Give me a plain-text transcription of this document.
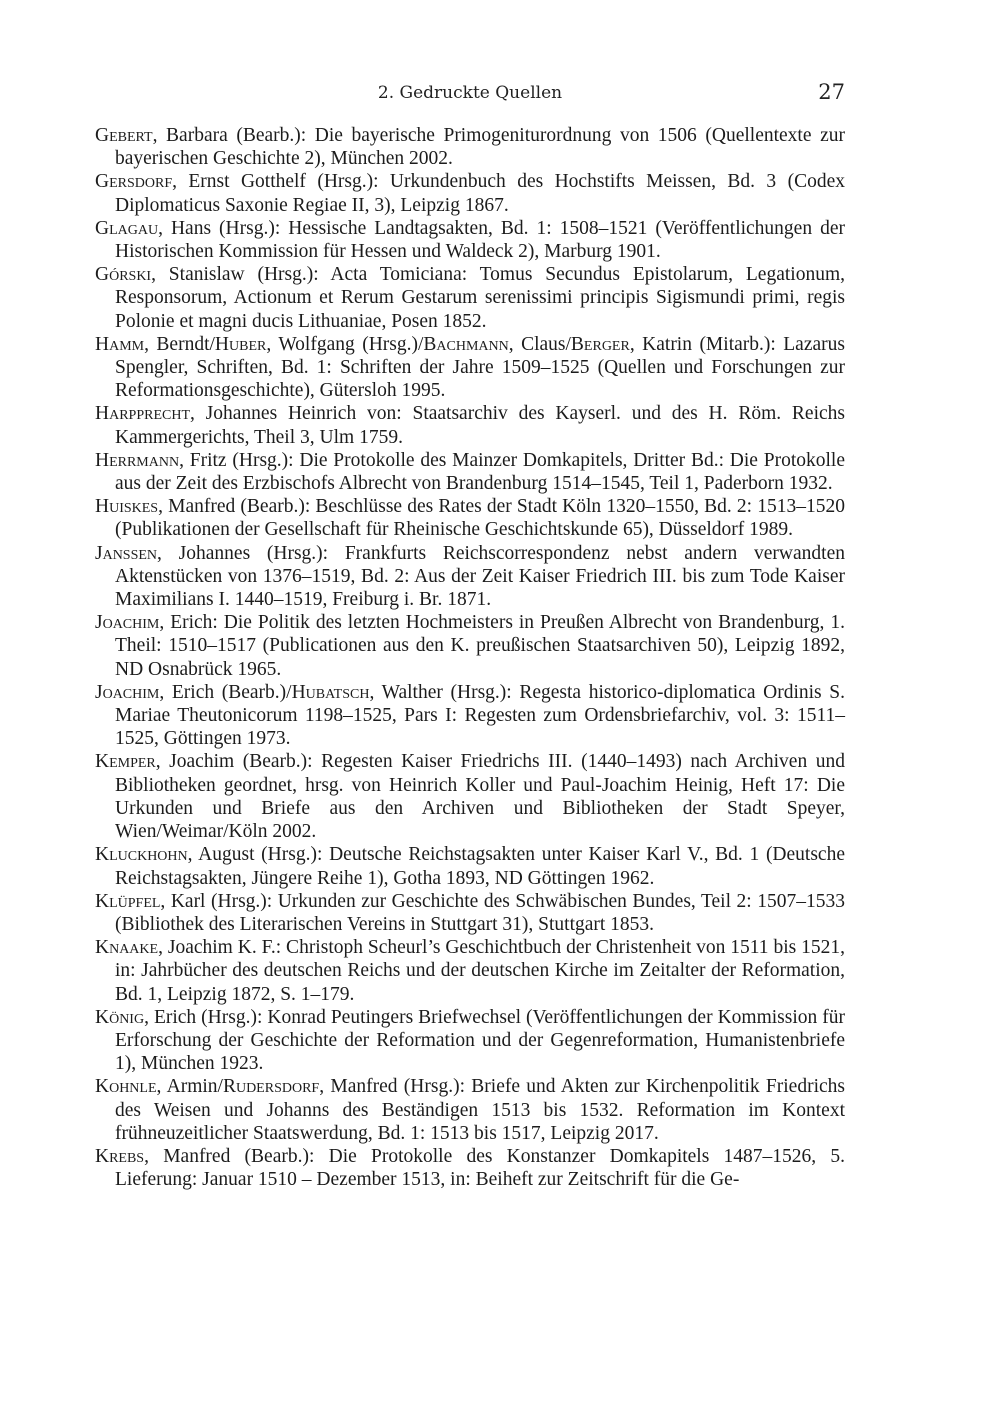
2. Gedruckte Quellen	27

Gebert, Barbara (Bearb.): Die bayerische Primogeniturordnung von 1506 (Quellentexte zur bayerischen Geschichte 2), München 2002.

Gersdorf, Ernst Gotthelf (Hrsg.): Urkundenbuch des Hochstifts Meissen, Bd. 3 (Codex Diplomaticus Saxonie Regiae II, 3), Leipzig 1867.

Glagau, Hans (Hrsg.): Hessische Landtagsakten, Bd. 1: 1508–1521 (Veröffentlichungen der Historischen Kommission für Hessen und Waldeck 2), Marburg 1901.

Górski, Stanislaw (Hrsg.): Acta Tomiciana: Tomus Secundus Epistolarum, Legationum, Responsorum, Actionum et Rerum Gestarum serenissimi principis Sigismundi primi, regis Polonie et magni ducis Lithuaniae, Posen 1852.

Hamm, Berndt/Huber, Wolfgang (Hrsg.)/Bachmann, Claus/Berger, Katrin (Mitarb.): Lazarus Spengler, Schriften, Bd. 1: Schriften der Jahre 1509–1525 (Quellen und Forschungen zur Reformationsgeschichte), Gütersloh 1995.

Harpprecht, Johannes Heinrich von: Staatsarchiv des Kayserl. und des H. Röm. Reichs Kammergerichts, Theil 3, Ulm 1759.

Herrmann, Fritz (Hrsg.): Die Protokolle des Mainzer Domkapitels, Dritter Bd.: Die Protokolle aus der Zeit des Erzbischofs Albrecht von Brandenburg 1514–1545, Teil 1, Paderborn 1932.

Huiskes, Manfred (Bearb.): Beschlüsse des Rates der Stadt Köln 1320–1550, Bd. 2: 1513–1520 (Publikationen der Gesellschaft für Rheinische Geschichtskunde 65), Düsseldorf 1989.

Janssen, Johannes (Hrsg.): Frankfurts Reichscorrespondenz nebst andern verwandten Aktenstücken von 1376–1519, Bd. 2: Aus der Zeit Kaiser Friedrich III. bis zum Tode Kaiser Maximilians I. 1440–1519, Freiburg i. Br. 1871.

Joachim, Erich: Die Politik des letzten Hochmeisters in Preußen Albrecht von Brandenburg, 1. Theil: 1510–1517 (Publicationen aus den K. preußischen Staatsarchiven 50), Leipzig 1892, ND Osnabrück 1965.

Joachim, Erich (Bearb.)/Hubatsch, Walther (Hrsg.): Regesta historico-diplomatica Ordinis S. Mariae Theutonicorum 1198–1525, Pars I: Regesten zum Ordensbriefarchiv, vol. 3: 1511–1525, Göttingen 1973.

Kemper, Joachim (Bearb.): Regesten Kaiser Friedrichs III. (1440–1493) nach Archiven und Bibliotheken geordnet, hrsg. von Heinrich Koller und Paul-Joachim Heinig, Heft 17: Die Urkunden und Briefe aus den Archiven und Bibliotheken der Stadt Speyer, Wien/Weimar/Köln 2002.

Kluckhohn, August (Hrsg.): Deutsche Reichstagsakten unter Kaiser Karl V., Bd. 1 (Deutsche Reichstagsakten, Jüngere Reihe 1), Gotha 1893, ND Göttingen 1962.

Klüpfel, Karl (Hrsg.): Urkunden zur Geschichte des Schwäbischen Bundes, Teil 2: 1507–1533 (Bibliothek des Literarischen Vereins in Stuttgart 31), Stuttgart 1853.

Knaake, Joachim K. F.: Christoph Scheurl’s Geschichtbuch der Christenheit von 1511 bis 1521, in: Jahrbücher des deutschen Reichs und der deutschen Kirche im Zeitalter der Reformation, Bd. 1, Leipzig 1872, S. 1–179.

König, Erich (Hrsg.): Konrad Peutingers Briefwechsel (Veröffentlichungen der Kommission für Erforschung der Geschichte der Reformation und der Gegenreformation, Humanistenbriefe 1), München 1923.

Kohnle, Armin/Rudersdorf, Manfred (Hrsg.): Briefe und Akten zur Kirchenpolitik Friedrichs des Weisen und Johanns des Beständigen 1513 bis 1532. Reformation im Kontext frühneuzeitlicher Staatswerdung, Bd. 1: 1513 bis 1517, Leipzig 2017.

Krebs, Manfred (Bearb.): Die Protokolle des Konstanzer Domkapitels 1487–1526, 5. Lieferung: Januar 1510 – Dezember 1513, in: Beiheft zur Zeitschrift für die Ge-
